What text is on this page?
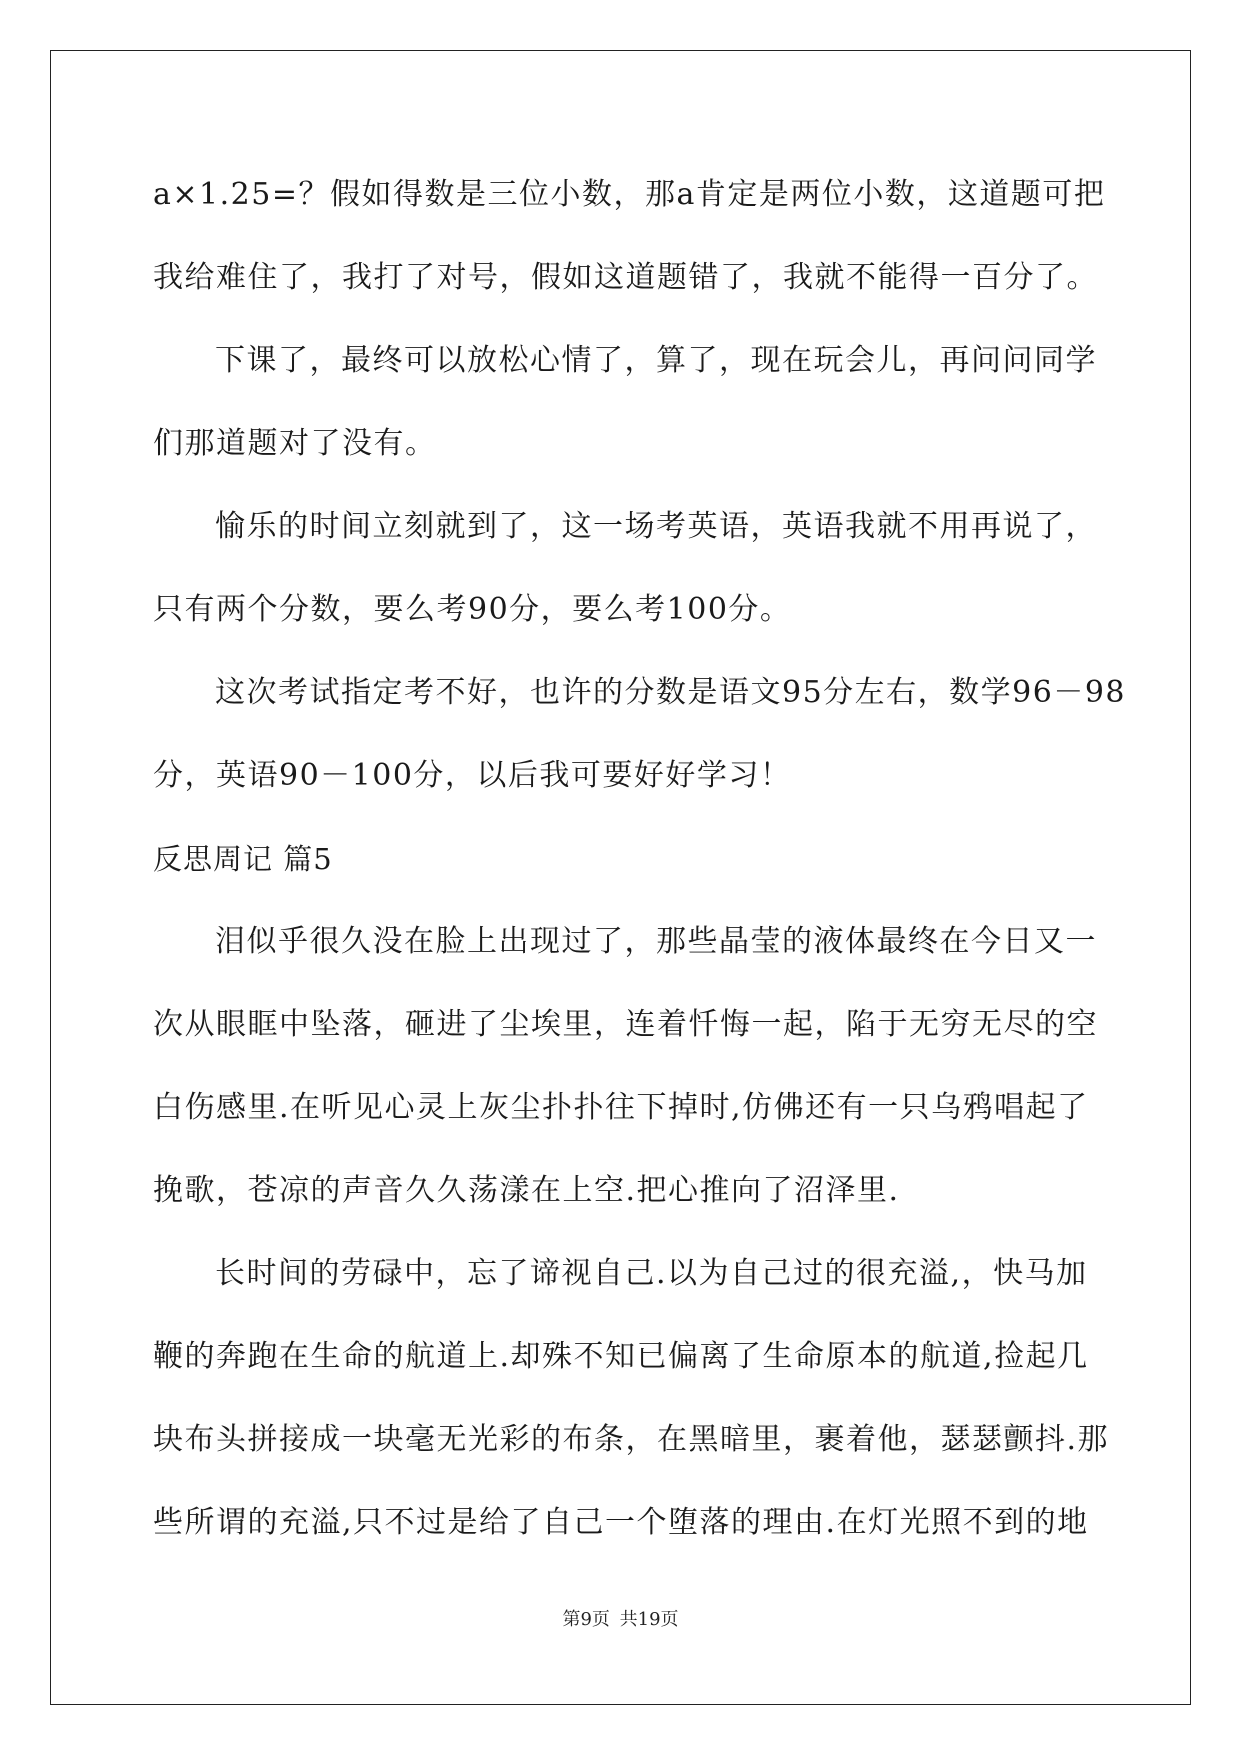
a×1.25=？假如得数是三位小数，那a肯定是两位小数，这道题可把
我给难住了，我打了对号，假如这道题错了，我就不能得一百分了。
下课了，最终可以放松心情了，算了，现在玩会儿，再问问同学
们那道题对了没有。
愉乐的时间立刻就到了，这一场考英语，英语我就不用再说了，
只有两个分数，要么考90分，要么考100分。
这次考试指定考不好，也许的分数是语文95分左右，数学96－98
分，英语90－100分，以后我可要好好学习！
反思周记 篇5
泪似乎很久没在脸上出现过了，那些晶莹的液体最终在今日又一
次从眼眶中坠落，砸进了尘埃里，连着忏悔一起，陷于无穷无尽的空
白伤感里.在听见心灵上灰尘扑扑往下掉时,仿佛还有一只乌鸦唱起了
挽歌，苍凉的声音久久荡漾在上空.把心推向了沼泽里.
长时间的劳碌中，忘了谛视自己.以为自己过的很充溢,，快马加
鞭的奔跑在生命的航道上.却殊不知已偏离了生命原本的航道,捡起几
块布头拼接成一块毫无光彩的布条，在黑暗里，裹着他，瑟瑟颤抖.那
些所谓的充溢,只不过是给了自己一个堕落的理由.在灯光照不到的地
第9页 共19页
